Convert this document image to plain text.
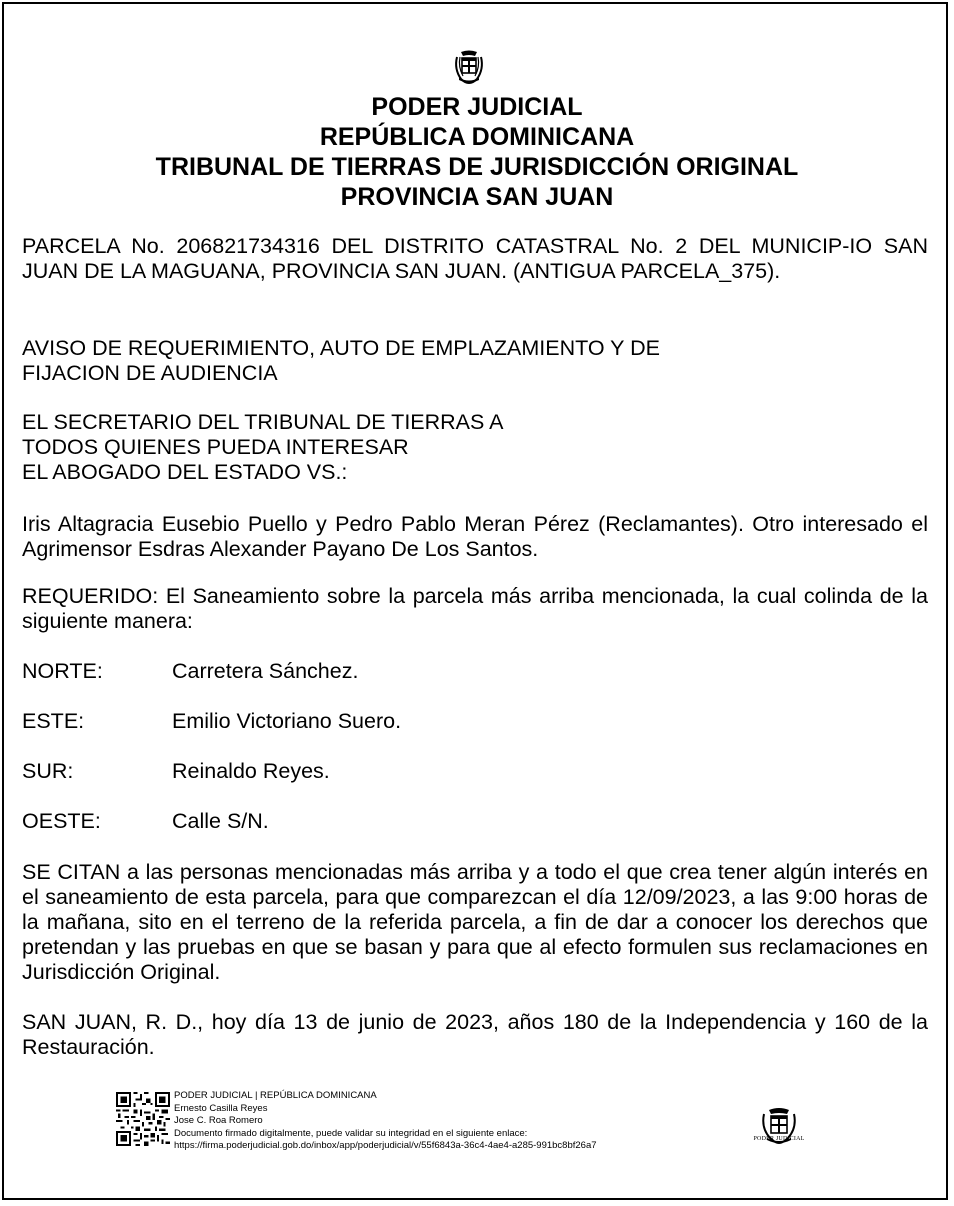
PODER JUDICIAL
REPÚBLICA DOMINICANA
TRIBUNAL DE TIERRAS DE JURISDICCIÓN ORIGINAL
PROVINCIA SAN JUAN
PARCELA No. 206821734316 DEL DISTRITO CATASTRAL No. 2 DEL MUNICIP-IO SAN JUAN DE LA MAGUANA, PROVINCIA SAN JUAN. (ANTIGUA PARCELA_375).
AVISO DE REQUERIMIENTO, AUTO DE EMPLAZAMIENTO Y DE
FIJACION DE AUDIENCIA
EL SECRETARIO DEL TRIBUNAL DE TIERRAS A
TODOS QUIENES PUEDA INTERESAR
EL ABOGADO DEL ESTADO VS.:
Iris Altagracia Eusebio Puello y Pedro Pablo Meran Pérez (Reclamantes). Otro interesado el Agrimensor Esdras Alexander Payano De Los Santos.
REQUERIDO: El Saneamiento sobre la parcela más arriba mencionada, la cual colinda de la siguiente manera:
NORTE:	Carretera Sánchez.
ESTE:	Emilio Victoriano Suero.
SUR:	Reinaldo Reyes.
OESTE:	Calle S/N.
SE CITAN a las personas mencionadas más arriba y a todo el que crea tener algún interés en el saneamiento de esta parcela, para que comparezcan el día 12/09/2023, a las 9:00 horas de la mañana, sito en el terreno de la referida parcela, a fin de dar a conocer los derechos que pretendan y las pruebas en que se basan y para que al efecto formulen sus reclamaciones en Jurisdicción Original.
SAN JUAN, R. D., hoy día 13 de junio de 2023, años 180 de la Independencia y 160 de la Restauración.
PODER JUDICIAL | REPÚBLICA DOMINICANA
Ernesto Casilla Reyes
Jose C. Roa Romero
Documento firmado digitalmente, puede validar su integridad en el siguiente enlace:
https://firma.poderjudicial.gob.do/inbox/app/poderjudicial/v/55f6843a-36c4-4ae4-a285-991bc8bf26a7
PODER JUDICIAL
